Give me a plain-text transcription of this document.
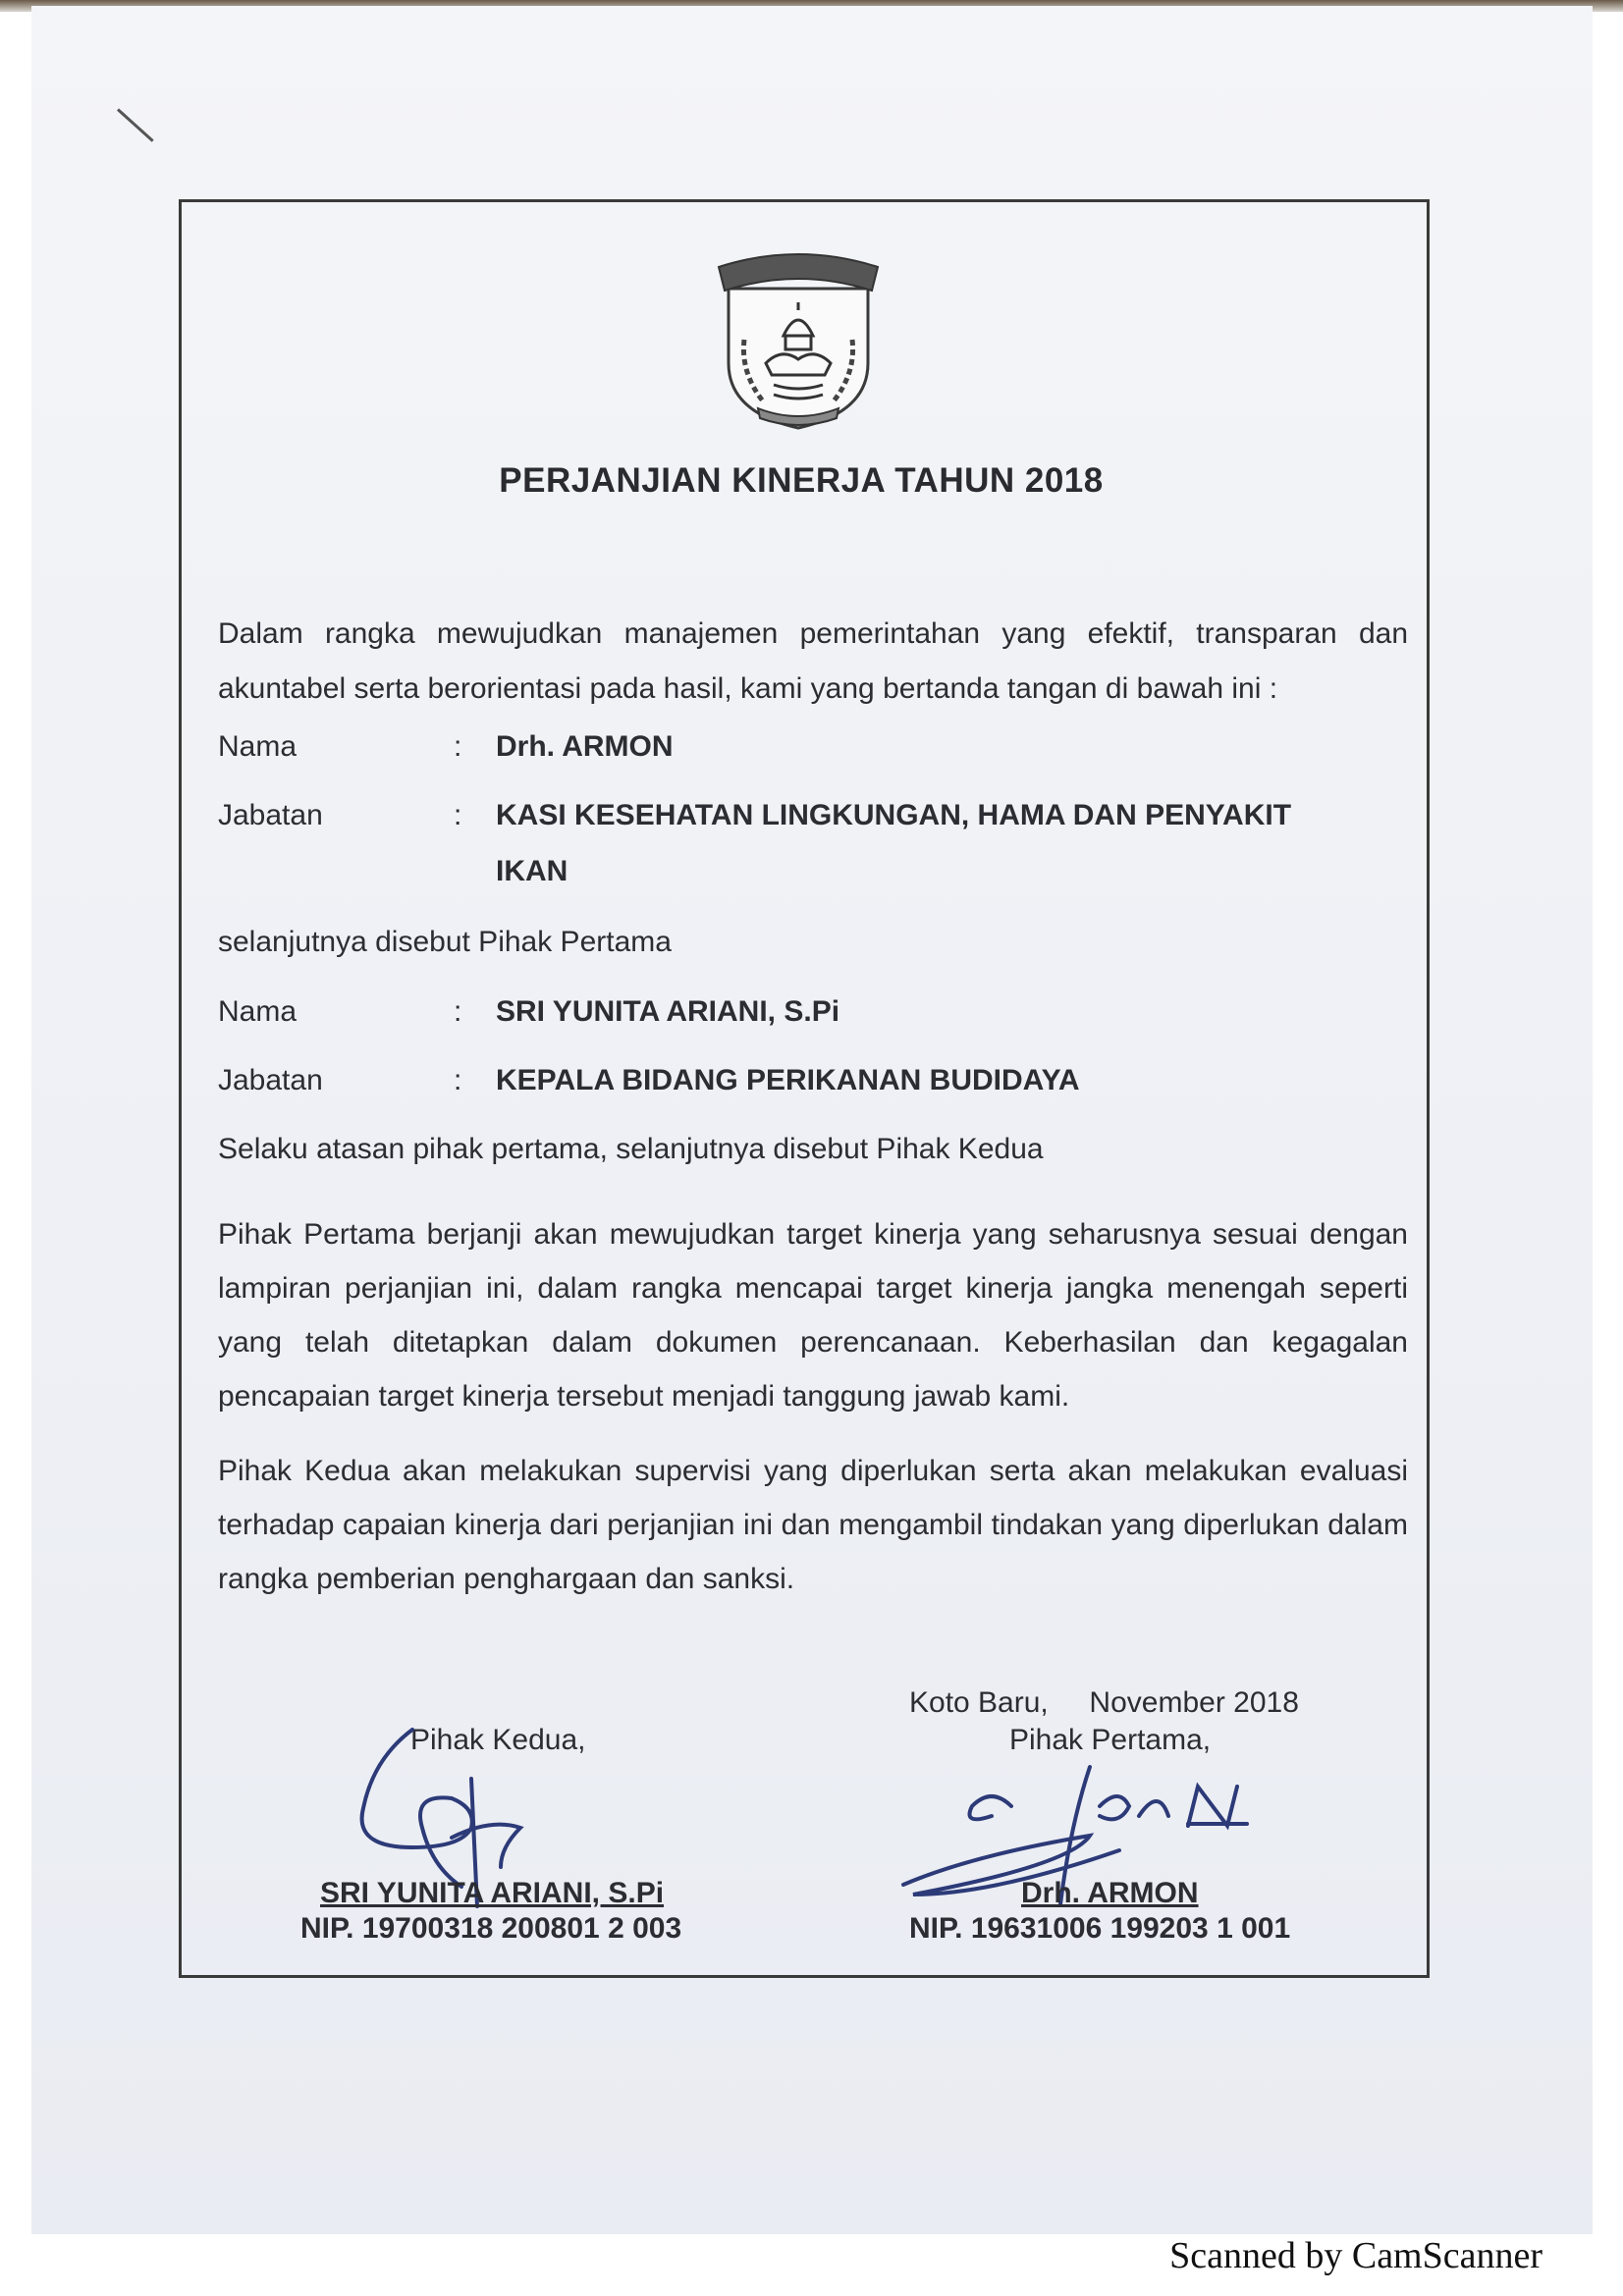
PERJANJIAN KINERJA TAHUN 2018
Dalam rangka mewujudkan manajemen pemerintahan yang efektif, transparan dan akuntabel serta berorientasi pada hasil, kami yang bertanda tangan di bawah ini :
Nama	: Drh. ARMON
Jabatan	: KASI KESEHATAN LINGKUNGAN, HAMA DAN PENYAKIT
IKAN
selanjutnya disebut Pihak Pertama
Nama	: SRI YUNITA ARIANI, S.Pi
Jabatan	: KEPALA BIDANG PERIKANAN BUDIDAYA
Selaku atasan pihak pertama, selanjutnya disebut Pihak Kedua
Pihak Pertama berjanji akan mewujudkan target kinerja yang seharusnya sesuai dengan lampiran perjanjian ini, dalam rangka mencapai target kinerja jangka menengah seperti yang telah ditetapkan dalam dokumen perencanaan. Keberhasilan dan kegagalan pencapaian target kinerja tersebut menjadi tanggung jawab kami.
Pihak Kedua akan melakukan supervisi yang diperlukan serta akan melakukan evaluasi terhadap capaian kinerja dari perjanjian ini dan mengambil tindakan yang diperlukan dalam rangka pemberian penghargaan dan sanksi.
Koto Baru,     November 2018
Pihak Kedua,	Pihak Pertama,
SRI YUNITA ARIANI, S.Pi
NIP. 19700318 200801 2 003
Drh. ARMON
NIP. 19631006 199203 1 001
Scanned by CamScanner
